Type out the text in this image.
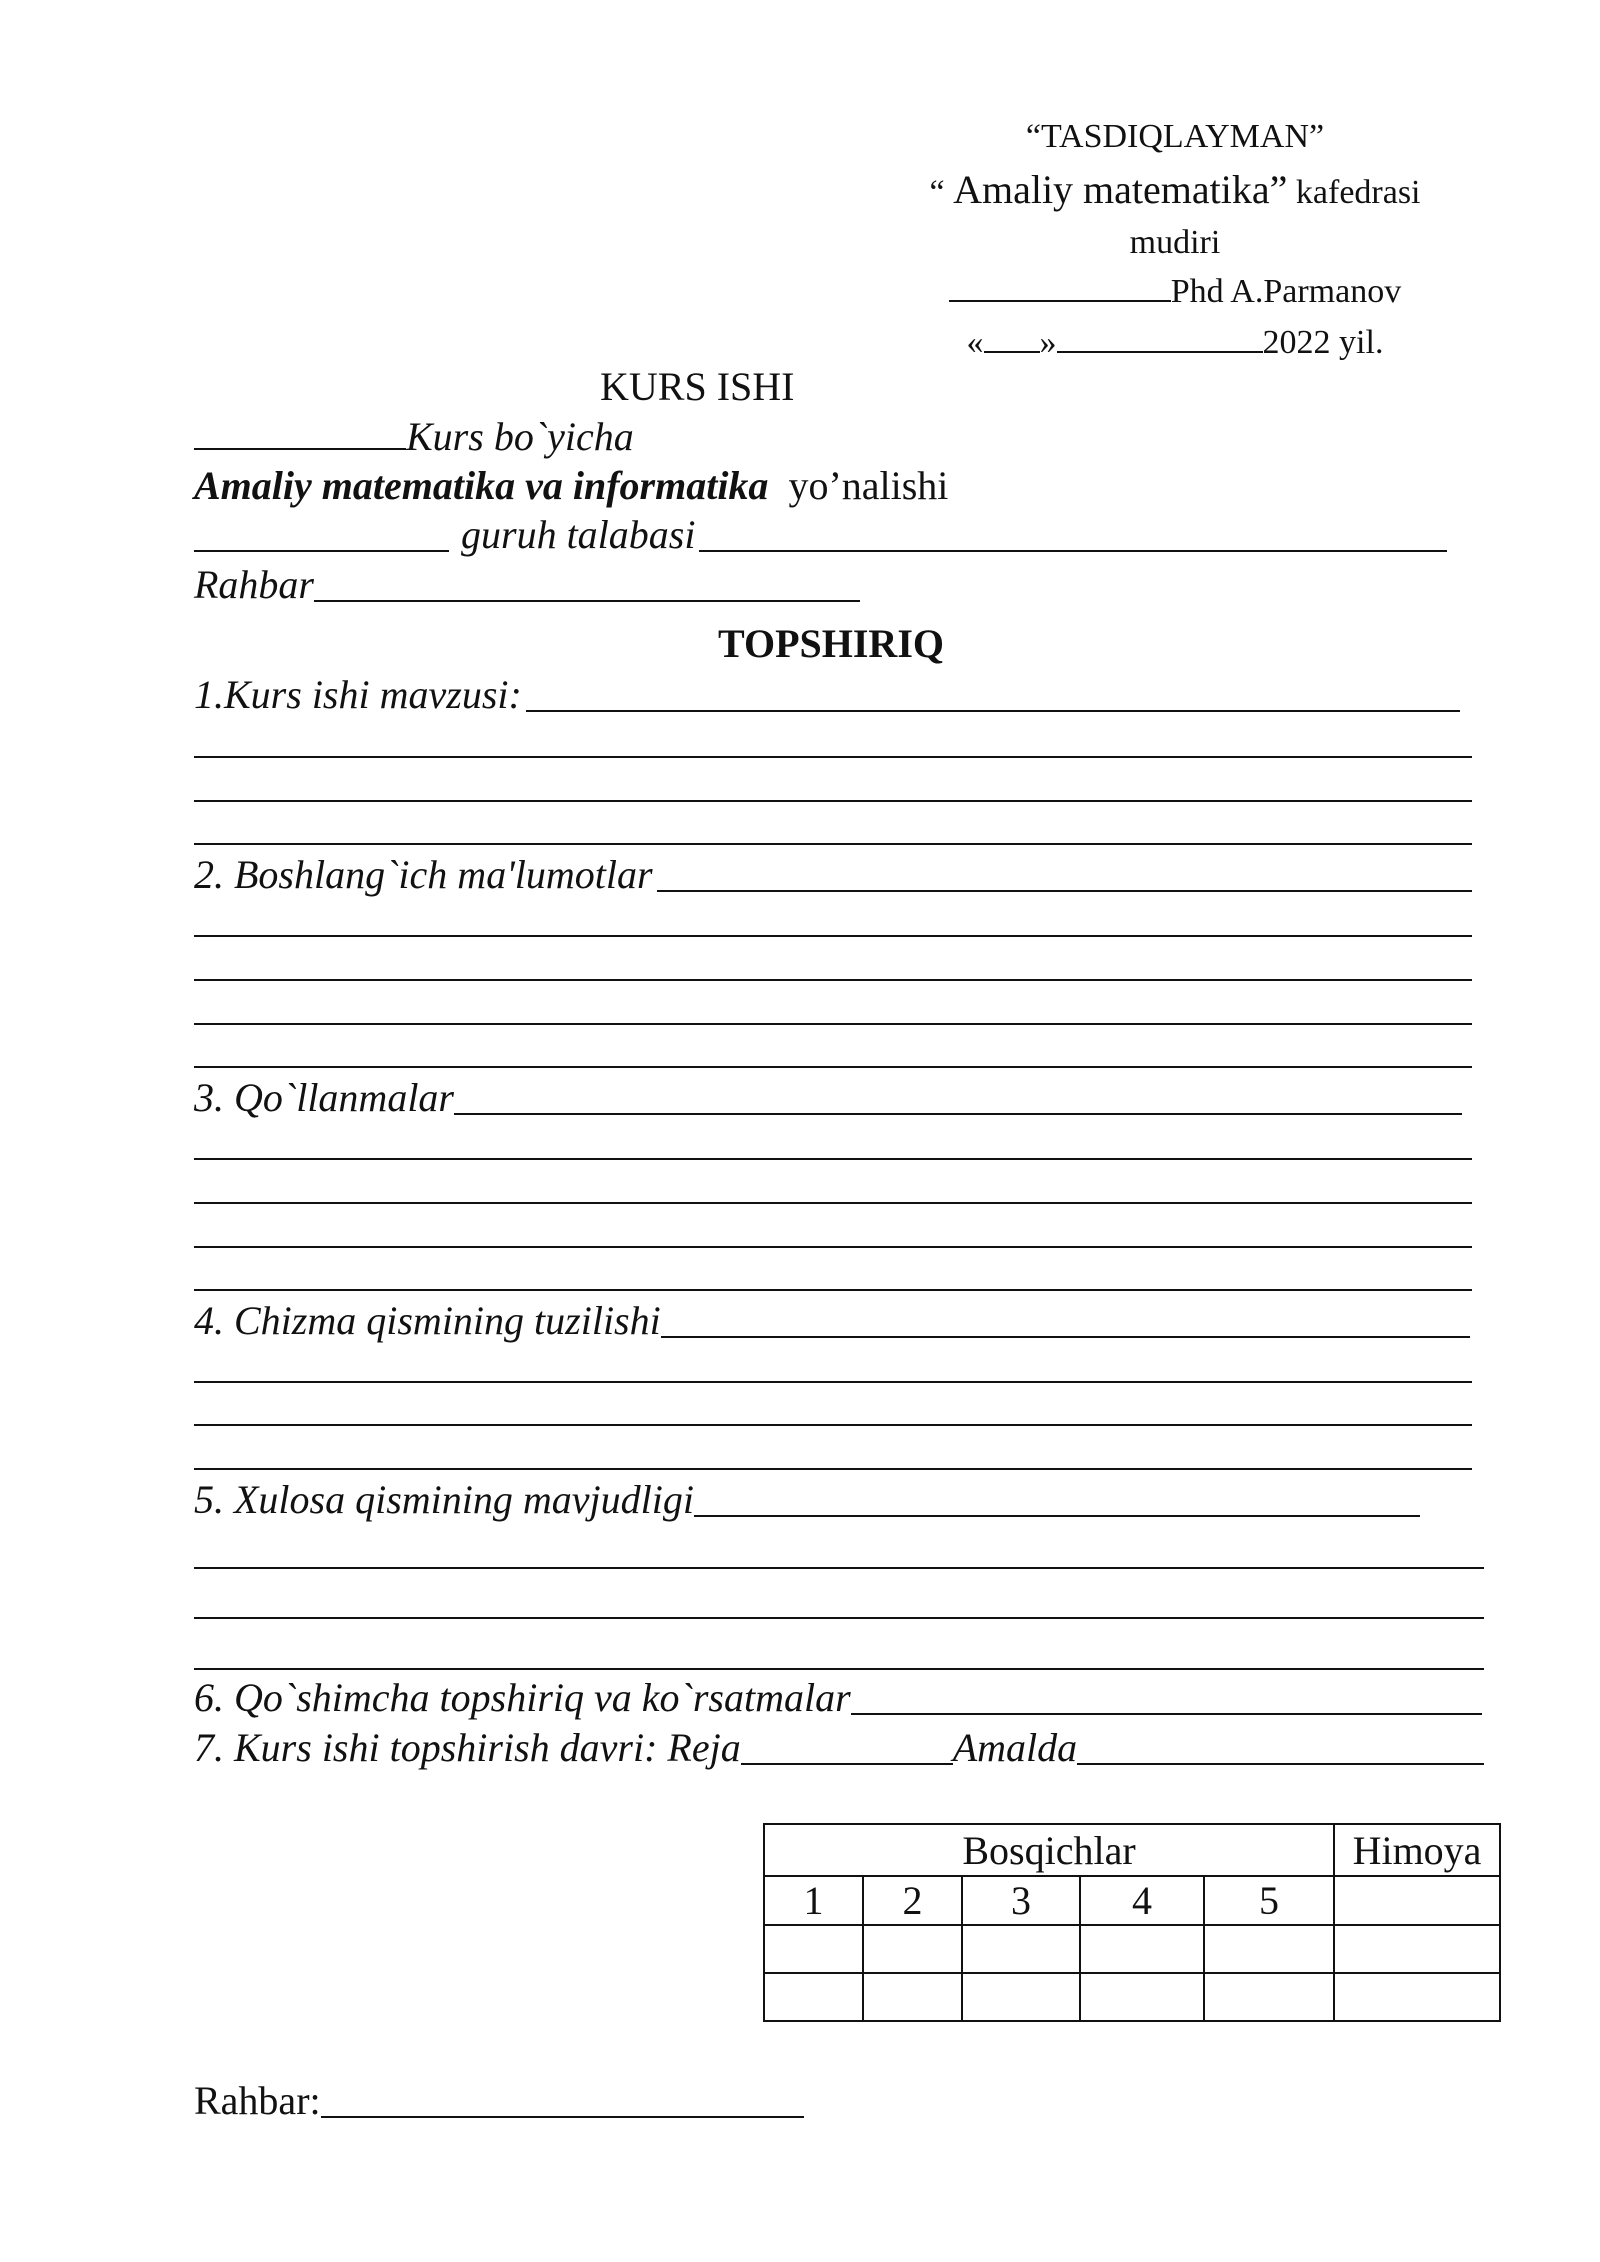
“TASDIQLAYMAN”
“ Amaliy matematika” kafedrasi
mudiri
Phd A.Parmanov
« »	2022 yil.
KURS ISHI
Kurs bo`yicha
Amaliy matematika va informatika yo’nalishi
guruh talabasi
Rahbar
TOPSHIRIQ
1.Kurs ishi mavzusi:
2. Boshlang`ich ma'lumotlar
3. Qo`llanmalar
4. Chizma qismining tuzilishi
5. Xulosa qismining mavjudligi
6. Qo`shimcha topshiriq va ko`rsatmalar
7. Kurs ishi topshirish davri: Reja	Amalda
Bosqichlar					Himoya
1	2	3	4	5	

Rahbar:
